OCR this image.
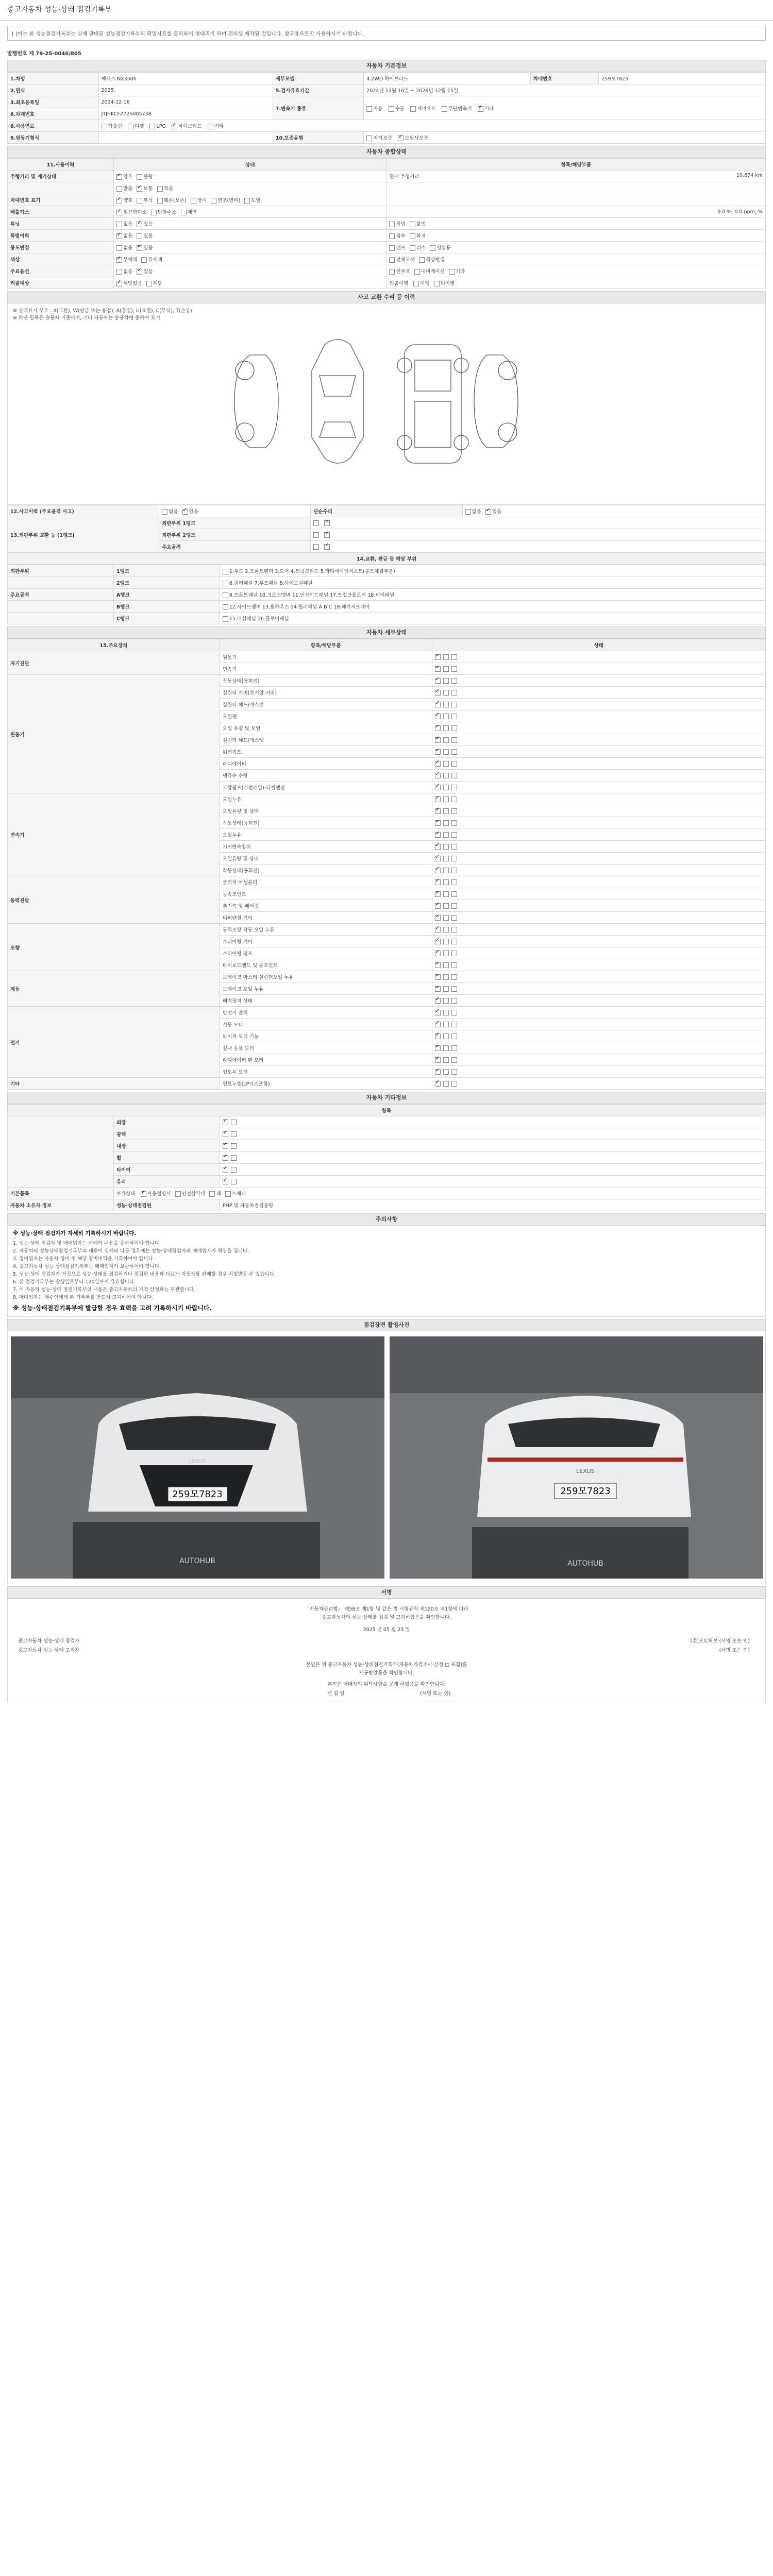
중고자동차 성능·상태 점검기록부
[ ]이는 본 성능점검기록부는 실제 판매된 성능점검기록부의 확업자료를 불러와서 첫대리기 하며 편의상 제작된 것입니다. 참고용으로만 사용하시기 바랍니다.
발행번호 제 79-25-0046/805
자동차 기본정보
1.차명	렉서스 NX350h	세부모델	4.2WD 하이브리드	차대번호	259모7823
2.연식	2025	5.검사유효기간	2024년 12월 16일 ~ 2026년 12월 15일		
3.최초등록일	2024-12-16	7.변속기 종류	자동 수동 세미오토 무단변속기 ✓ 기타
6.차대번호	JTJHKCFZ72S005738				
8.사용연료	가솔린 디젤 LPG ✓ 하이브리드 기타
9.원동기형식		10.보증유형	자가보증 ✓ 보험사보증
자동차 종합상태
11.사용이력	상태	항목/해당부품
주행거리 및 계기상태	✓양호 불량	현재 주행거리 10,674 km

	많음 ✓ 보통 적음	
차대번호 표기	✓양호 부식 훼손(오손) 상이 변조(변타) 도말	
배출가스	✓일산화탄소 탄화수소 매연	0.0 %, 0.0 ppm, %

튜닝	없음 ✓ 있음	적법 불법
특별이력	✓없음 있음	침수 화재
용도변경	없음 ✓ 있음	렌트 리스 영업용
색상	✓무채색 유채색	전체도색 색상변경
주요옵션	없음 ✓ 있음	선루프 내비게이션 기타
리콜대상	✓해당없음 해당	리콜이행 이행 미이행
사고 교환 수리 등 이력
※ 상태표시 부호 : X(교환), W(판금 또는 용접), A(흠집), U(요철), C(부식), T(손상)
※ 하단 항목은 승용차 기준이며, 기타 자동차는 승용차에 준하여 표시
12.사고이력 (주요골격 사고)	없음 ✓ 있음	단순수리	없음 ✓ 있음
13.외판부위 교환 등 (1랭크)	외판부위 1랭크	✓
	외판부위 2랭크	✓
	주요골격	✓
14.교환, 판금 등 해당 부위			
외판부위	1랭크	1.후드 2.프론트펜더 3.도어 4.트렁크리드 5.라디에이터서포트(볼트체결부품)
	2랭크	6.쿼터패널 7.루프패널 8.사이드실패널
주요골격	A랭크	9.프론트패널 10.크로스멤버 11.인사이드패널 17.트렁크플로어 18.리어패널
	B랭크	12.사이드멤버 13.휠하우스 14.필러패널 A B C 19.패키지트레이
	C랭크	15.대쉬패널 16.플로어패널
자동차 세부상태
15.주요장치	항목/해당부품	상태
자기진단	원동기	✓
	변속기	✓
원동기	작동상태(공회전)	✓
	실린더 커버(로커암 커버)	✓
	실린더 헤드/개스켓	✓
	오일팬	✓
	오일 유량 및 오염	✓
	실린더 헤드/개스켓	✓
	워터펌프	✓
	라디에이터	✓
	냉각수 수량	✓
	고압펌프(커먼레일)-디젤엔진	✓
변속기	오일누유	✓
	오일유량 및 상태	✓
	작동상태(공회전)	✓
	오일누유	✓
	기어변속장치	✓
	오일유량 및 상태	✓
	작동상태(공회전)	✓
동력전달	클러치 어셈블리	✓
	등속조인트	✓
	추진축 및 베어링	✓
	디퍼렌셜 기어	✓
조향	동력조향 작동 오일 누유	✓
	스티어링 기어	✓
	스티어링 펌프	✓
	타이로드엔드 및 볼조인트	✓
제동	브레이크 마스터 실린더오일 누유	✓
	브레이크 오일 누유	✓
	배력장치 상태	✓
전기	발전기 출력	✓
	시동 모터	✓
	와이퍼 모터 기능	✓
	실내 송풍 모터	✓
	라디에이터 팬 모터	✓
	윈도우 모터	✓
기타	연료누출(LP가스포함)	✓
자동차 기타정보
항목		
	외장	✓
	광택	✓
	내장	✓
	휠	✓
	타이어	✓
	유리	✓
기본품목	보유상태 ✓ 사용설명서 안전삼각대 잭 스패너
자동차 소유자 정보	성능·상태점검원	PHP 및 자동차점검증명
주의사항
※ 성능·상태 점검자가 자세히 기록하시기 바랍니다.
1. 성능·상태 점검자 및 매매업자는 아래의 내용을 준수하여야 합니다.
2. 자동차의 성능상태점검기록부의 내용이 실제와 다를 경우에는 성능·상태점검자와 매매업자가 책임을 집니다.
3. 정비업자는 자동차 정비 후 해당 정비내역을 기록하여야 합니다.
4. 중고자동차 성능·상태점검기록부는 매매업자가 보관하여야 합니다.
5. 성능·상태 점검자가 거짓으로 성능·상태를 점검하거나 점검한 내용과 다르게 자동차를 판매할 경우 처벌받을 수 있습니다.
6. 본 점검기록부는 발행일로부터 120일까지 유효합니다.
7. 이 자동차 성능·상태 점검기록부의 내용은 중고자동차의 가격 산정과는 무관합니다.
8. 매매업자는 매수인에게 본 기록부를 반드시 고지하여야 합니다.
※ 성능·상태점검기록부에 발급할 경우 효력을 고려 기록하시기 바랍니다.
점검장면 촬영사진
259모7823
LEXUS
AUTOHUB
259모7823
LEXUS
AUTOHUB
서명
「자동차관리법」 제58조 제1항 및 같은 법 시행규칙 제120조 제1항에 따라
중고자동차의 성능·상태를 점검 및 고지하였음을 확인합니다.
2025 년 05 월 23 일
중고자동차 성능·상태 점검자	(주)오토허브 (서명 또는 인)
중고자동차 성능·상태 고지자	(서명 또는 인)
본인은 위 중고자동차 성능·상태점검기록부(자동차가격조사·산정 □ 포함)를
제공받았음을 확인합니다.
본인은 매매자의 위탁사항을 공개 하였음을 확인합니다.
년 월 일	(서명 또는 인)
